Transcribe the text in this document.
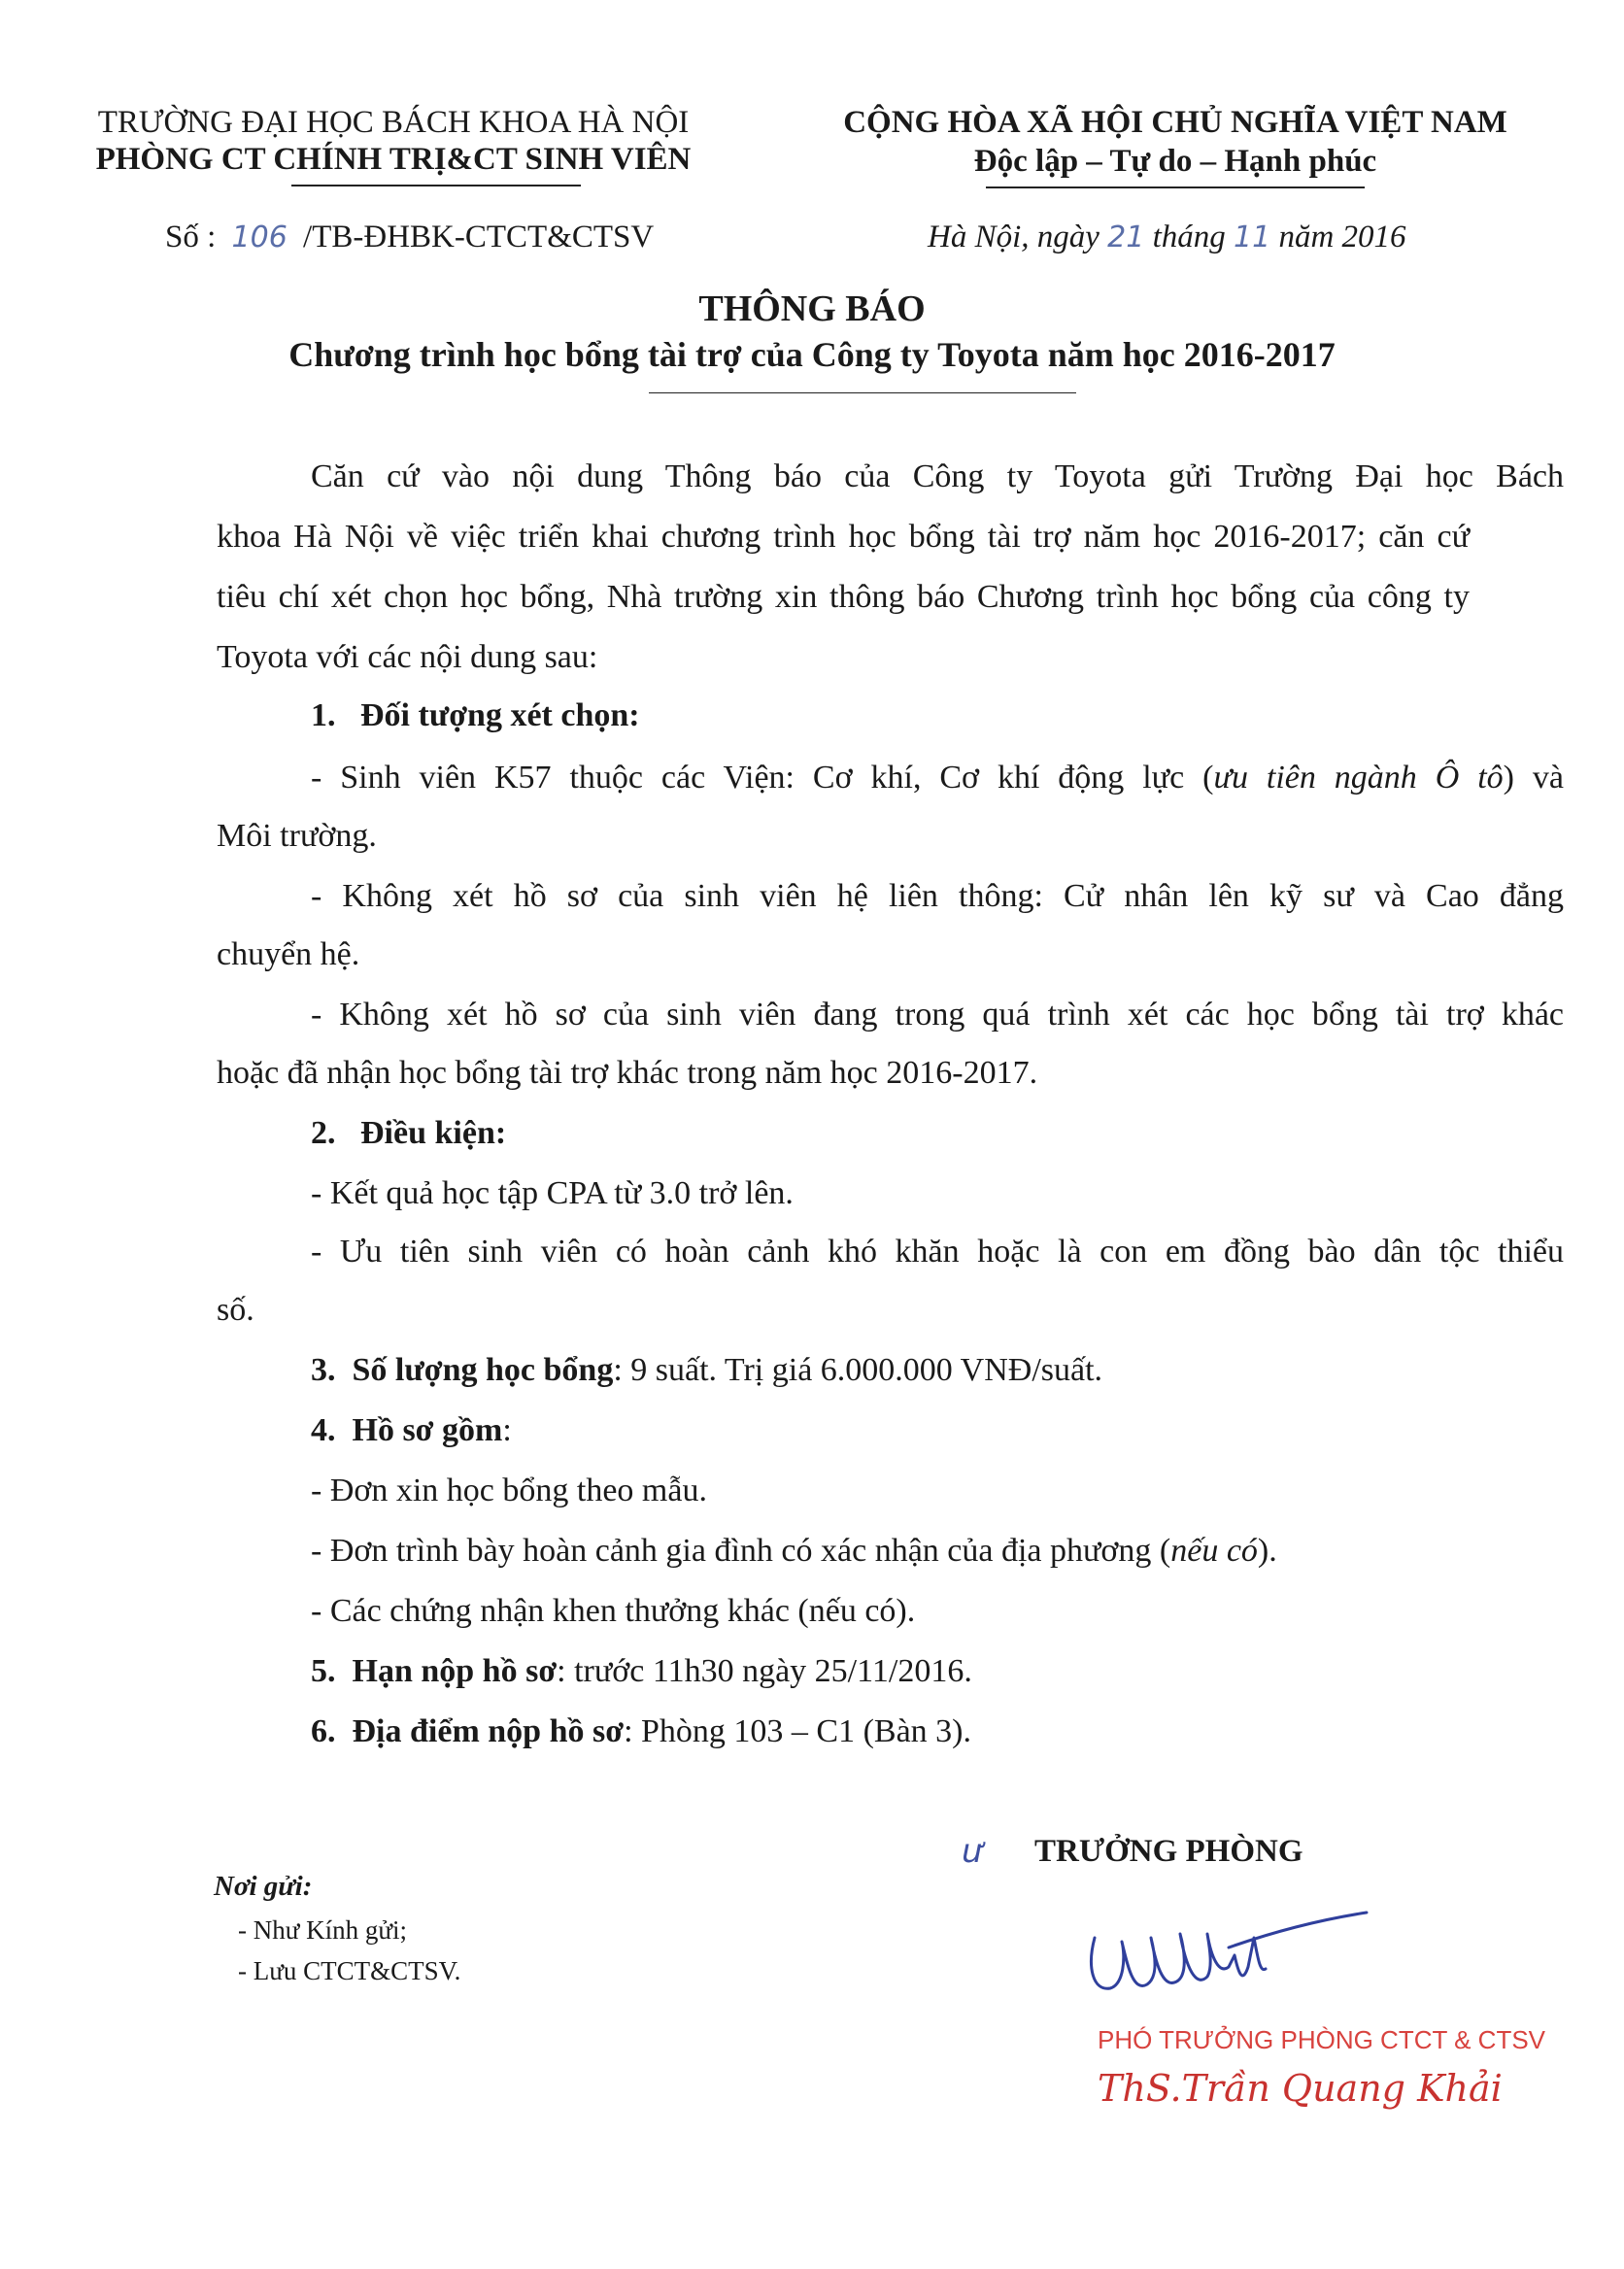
TRƯỜNG ĐẠI HỌC BÁCH KHOA HÀ NỘI
PHÒNG CT CHÍNH TRỊ&CT SINH VIÊN
CỘNG HÒA XÃ HỘI CHỦ NGHĨA VIỆT NAM
Độc lập – Tự do – Hạnh phúc
Số : 106 /TB-ĐHBK-CTCT&CTSV	Hà Nội, ngày 21 tháng 11 năm 2016
THÔNG BÁO
Chương trình học bổng tài trợ của Công ty Toyota năm học 2016-2017
Căn cứ vào nội dung Thông báo của Công ty Toyota gửi Trường Đại học Bách
khoa Hà Nội về việc triển khai chương trình học bổng tài trợ năm học 2016-2017; căn cứ
tiêu chí xét chọn học bổng, Nhà trường xin thông báo Chương trình học bổng của công ty
Toyota với các nội dung sau:
1. Đối tượng xét chọn:
- Sinh viên K57 thuộc các Viện: Cơ khí, Cơ khí động lực (ưu tiên ngành Ô tô) và
Môi trường.
- Không xét hồ sơ của sinh viên hệ liên thông: Cử nhân lên kỹ sư và Cao đẳng
chuyển hệ.
- Không xét hồ sơ của sinh viên đang trong quá trình xét các học bổng tài trợ khác
hoặc đã nhận học bổng tài trợ khác trong năm học 2016-2017.
2. Điều kiện:
- Kết quả học tập CPA từ 3.0 trở lên.
- Ưu tiên sinh viên có hoàn cảnh khó khăn hoặc là con em đồng bào dân tộc thiểu
số.
3. Số lượng học bổng: 9 suất. Trị giá 6.000.000 VNĐ/suất.
4. Hồ sơ gồm:
- Đơn xin học bổng theo mẫu.
- Đơn trình bày hoàn cảnh gia đình có xác nhận của địa phương (nếu có).
- Các chứng nhận khen thưởng khác (nếu có).
5. Hạn nộp hồ sơ: trước 11h30 ngày 25/11/2016.
6. Địa điểm nộp hồ sơ: Phòng 103 – C1 (Bàn 3).
Nơi gửi:
- Như Kính gửi;
- Lưu CTCT&CTSV.
ư TRƯỞNG PHÒNG
PHÓ TRƯỞNG PHÒNG CTCT & CTSV
ThS.Trần Quang Khải
